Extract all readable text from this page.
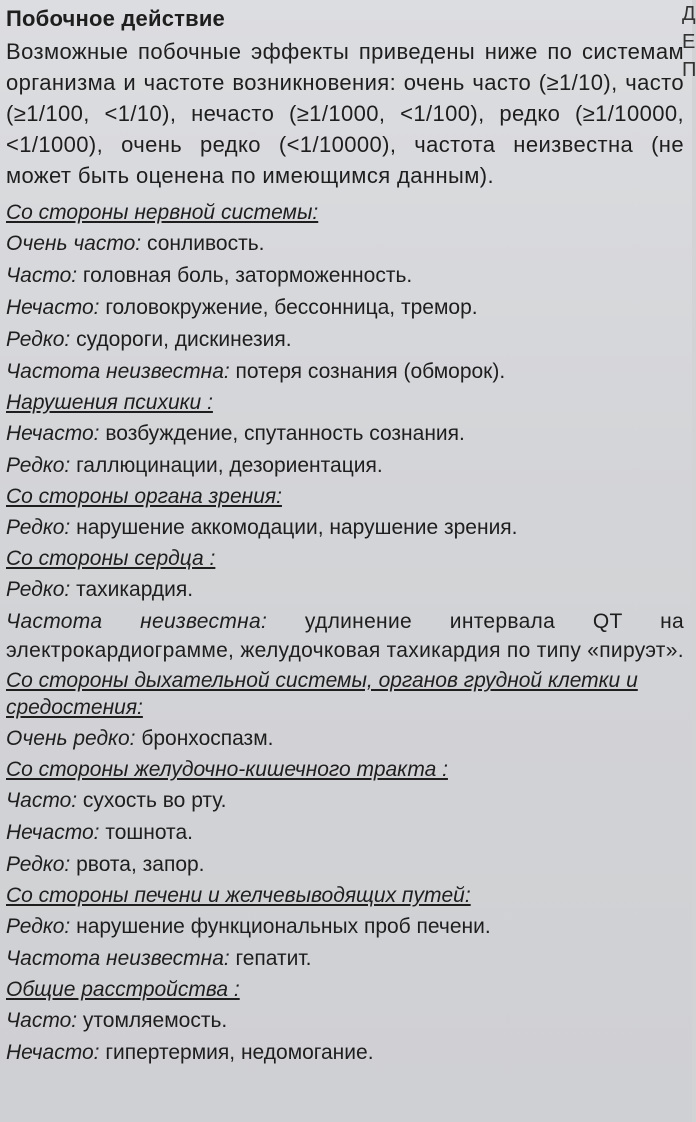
Д
Е
П
Побочное действие

Возможные побочные эффекты приведены ниже по системам организма и частоте возникновения: очень часто (≥1/10), часто (≥1/100, <1/10), нечасто (≥1/1000, <1/100), редко (≥1/10000, <1/1000), очень редко (<1/10000), частота неизвестна (не может быть оценена по имеющимся данным).

Со стороны нервной системы:
Очень часто: сонливость.
Часто: головная боль, заторможенность.
Нечасто: головокружение, бессонница, тремор.
Редко: судороги, дискинезия.
Частота неизвестна: потеря сознания (обморок).
Нарушения психики :
Нечасто: возбуждение, спутанность сознания.
Редко: галлюцинации, дезориентация.
Со стороны органа зрения:
Редко: нарушение аккомодации, нарушение зрения.
Со стороны сердца :
Редко: тахикардия.
Частота неизвестна: удлинение интервала QT на электрокардиограмме, желудочковая тахикардия по типу «пируэт».
Со стороны дыхательной системы, органов грудной клетки и средостения:
Очень редко: бронхоспазм.
Со стороны желудочно-кишечного тракта :
Часто: сухость во рту.
Нечасто: тошнота.
Редко: рвота, запор.
Со стороны печени и желчевыводящих путей:
Редко: нарушение функциональных проб печени.
Частота неизвестна: гепатит.
Общие расстройства :
Часто: утомляемость.
Нечасто: гипертермия, недомогание.
